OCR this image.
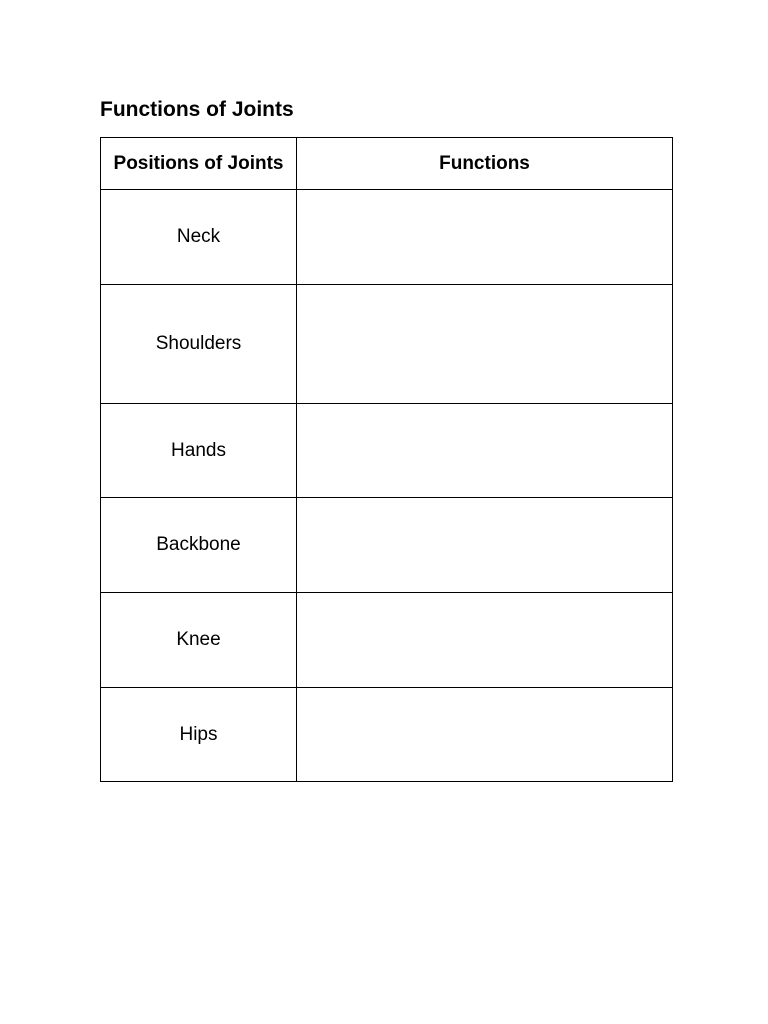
Functions of Joints
Positions of Joints	Functions
Neck	
Shoulders	
Hands	
Backbone	
Knee	
Hips	
